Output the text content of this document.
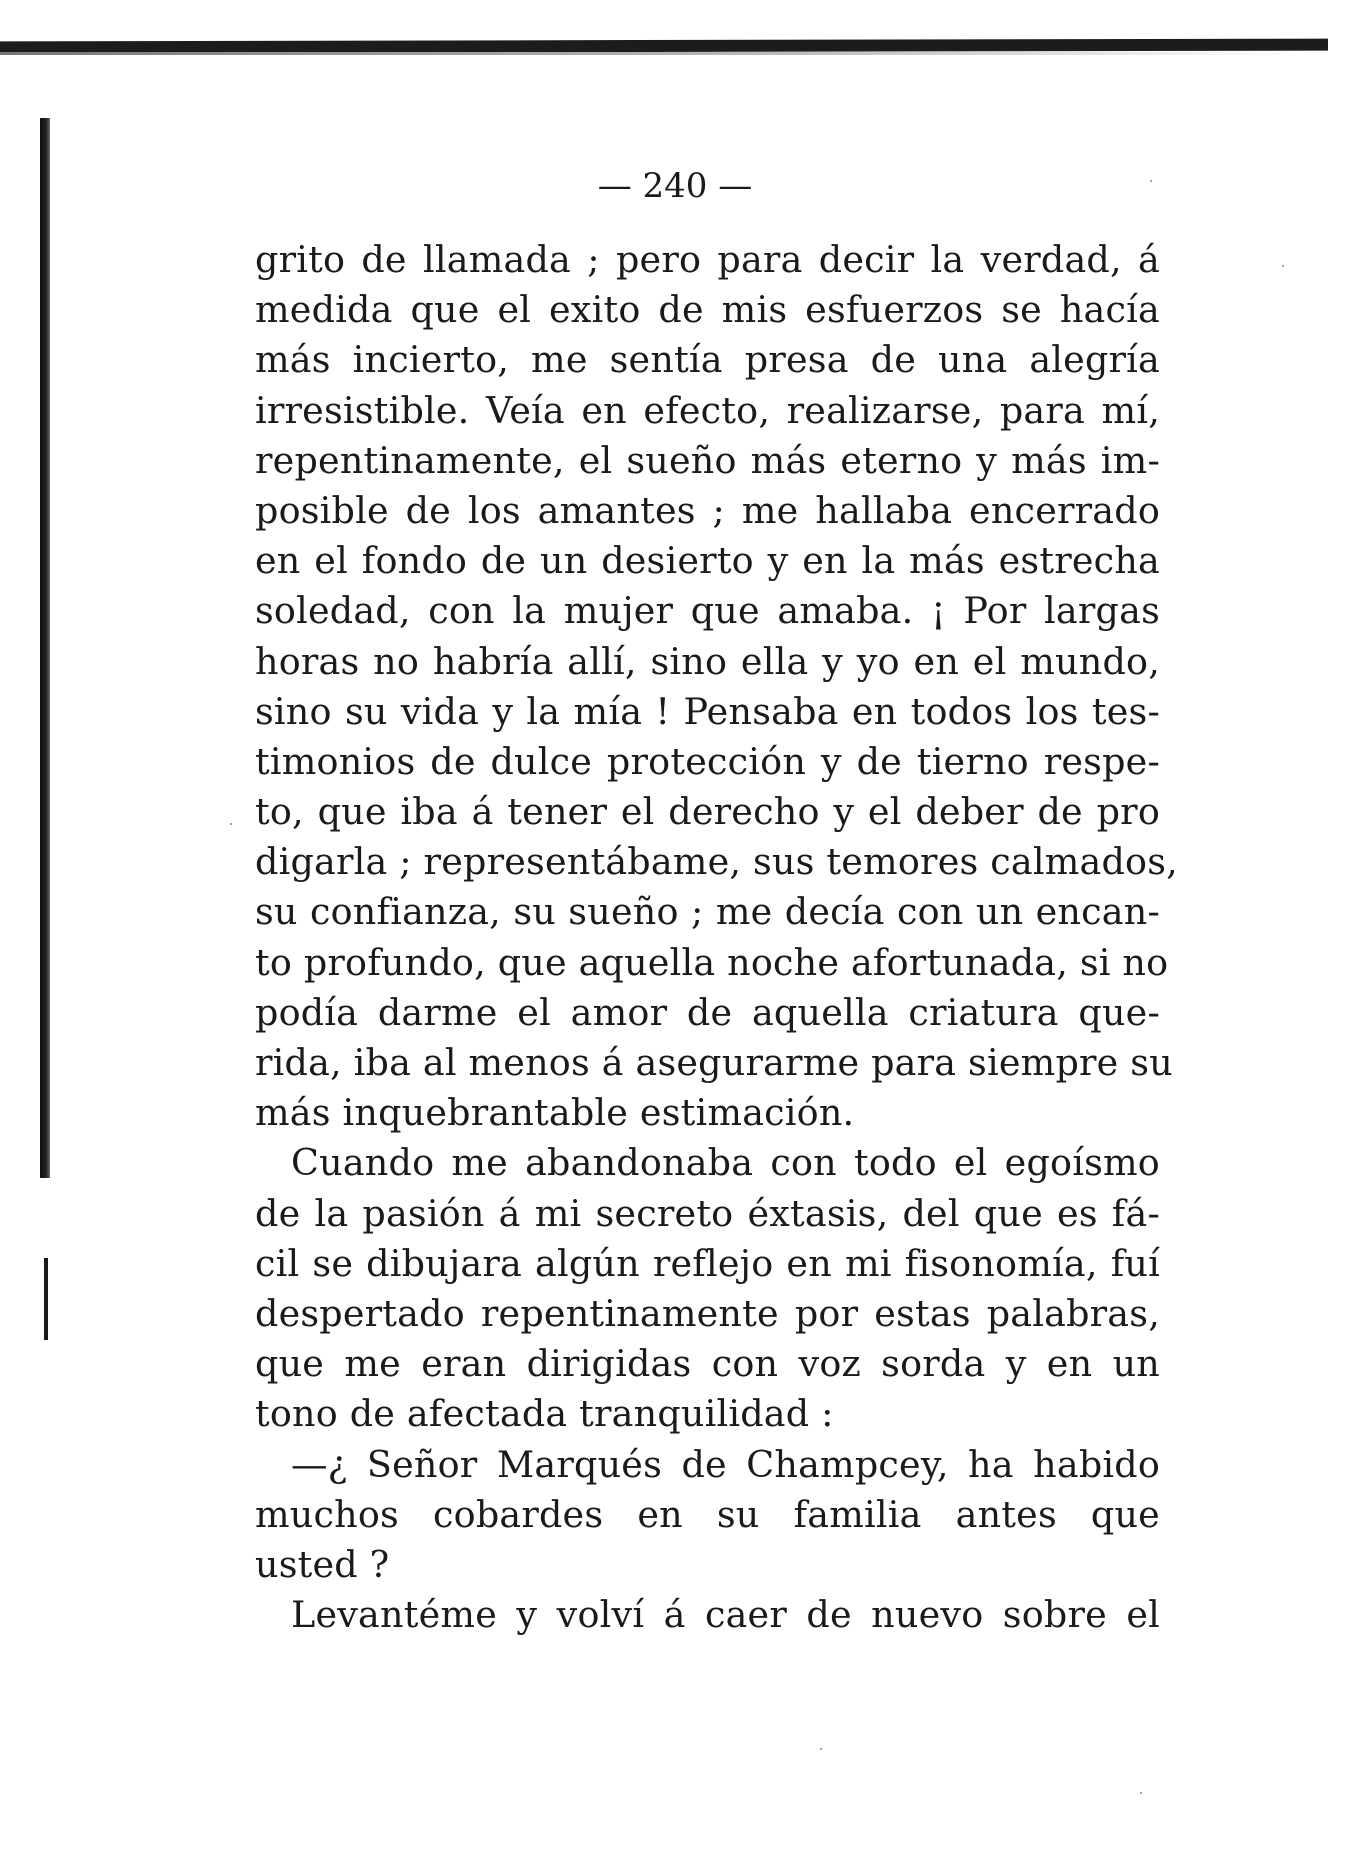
— 240 —
grito de llamada ; pero para decir la verdad, á
medida que el exito de mis esfuerzos se hacía
más incierto, me sentía presa de una alegría
irresistible. Veía en efecto, realizarse, para mí,
repentinamente, el sueño más eterno y más im-
posible de los amantes ; me hallaba encerrado
en el fondo de un desierto y en la más estrecha
soledad, con la mujer que amaba. ¡ Por largas
horas no habría allí, sino ella y yo en el mundo,
sino su vida y la mía ! Pensaba en todos los tes-
timonios de dulce protección y de tierno respe-
to, que iba á tener el derecho y el deber de pro
digarla ; representábame, sus temores calmados,
su confianza, su sueño ; me decía con un encan-
to profundo, que aquella noche afortunada, si no
podía darme el amor de aquella criatura que-
rida, iba al menos á asegurarme para siempre su
más inquebrantable estimación.
Cuando me abandonaba con todo el egoísmo
de la pasión á mi secreto éxtasis, del que es fá-
cil se dibujara algún reflejo en mi fisonomía, fuí
despertado repentinamente por estas palabras,
que me eran dirigidas con voz sorda y en un
tono de afectada tranquilidad :
—¿ Señor Marqués de Champcey, ha habido
muchos cobardes en su familia antes que
usted ?
Levantéme y volví á caer de nuevo sobre el
